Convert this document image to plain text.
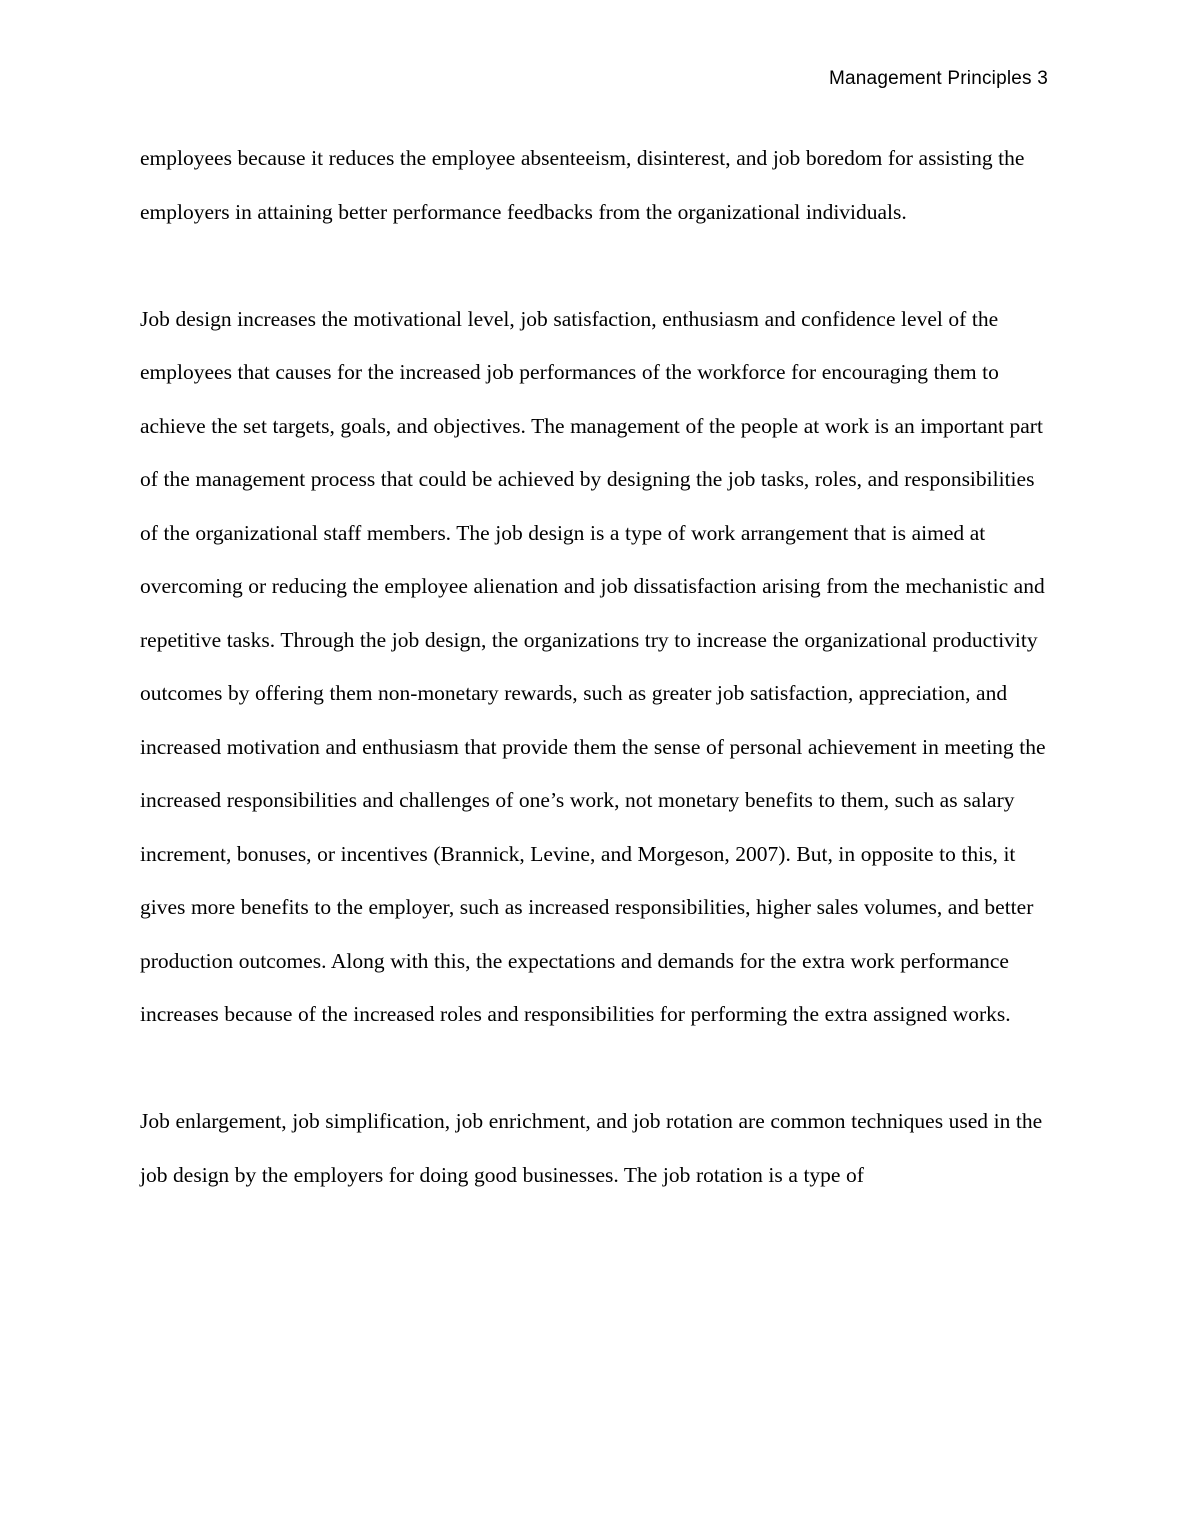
Management Principles 3

employees because it reduces the employee absenteeism, disinterest, and job boredom for assisting the employers in attaining better performance feedbacks from the organizational individuals.

Job design increases the motivational level, job satisfaction, enthusiasm and confidence level of the employees that causes for the increased job performances of the workforce for encouraging them to achieve the set targets, goals, and objectives. The management of the people at work is an important part of the management process that could be achieved by designing the job tasks, roles, and responsibilities of the organizational staff members. The job design is a type of work arrangement that is aimed at overcoming or reducing the employee alienation and job dissatisfaction arising from the mechanistic and repetitive tasks. Through the job design, the organizations try to increase the organizational productivity outcomes by offering them non-monetary rewards, such as greater job satisfaction, appreciation, and increased motivation and enthusiasm that provide them the sense of personal achievement in meeting the increased responsibilities and challenges of one’s work, not monetary benefits to them, such as salary increment, bonuses, or incentives (Brannick, Levine, and Morgeson, 2007). But, in opposite to this, it gives more benefits to the employer, such as increased responsibilities, higher sales volumes, and better production outcomes. Along with this, the expectations and demands for the extra work performance increases because of the increased roles and responsibilities for performing the extra assigned works.

Job enlargement, job simplification, job enrichment, and job rotation are common techniques used in the job design by the employers for doing good businesses. The job rotation is a type of
